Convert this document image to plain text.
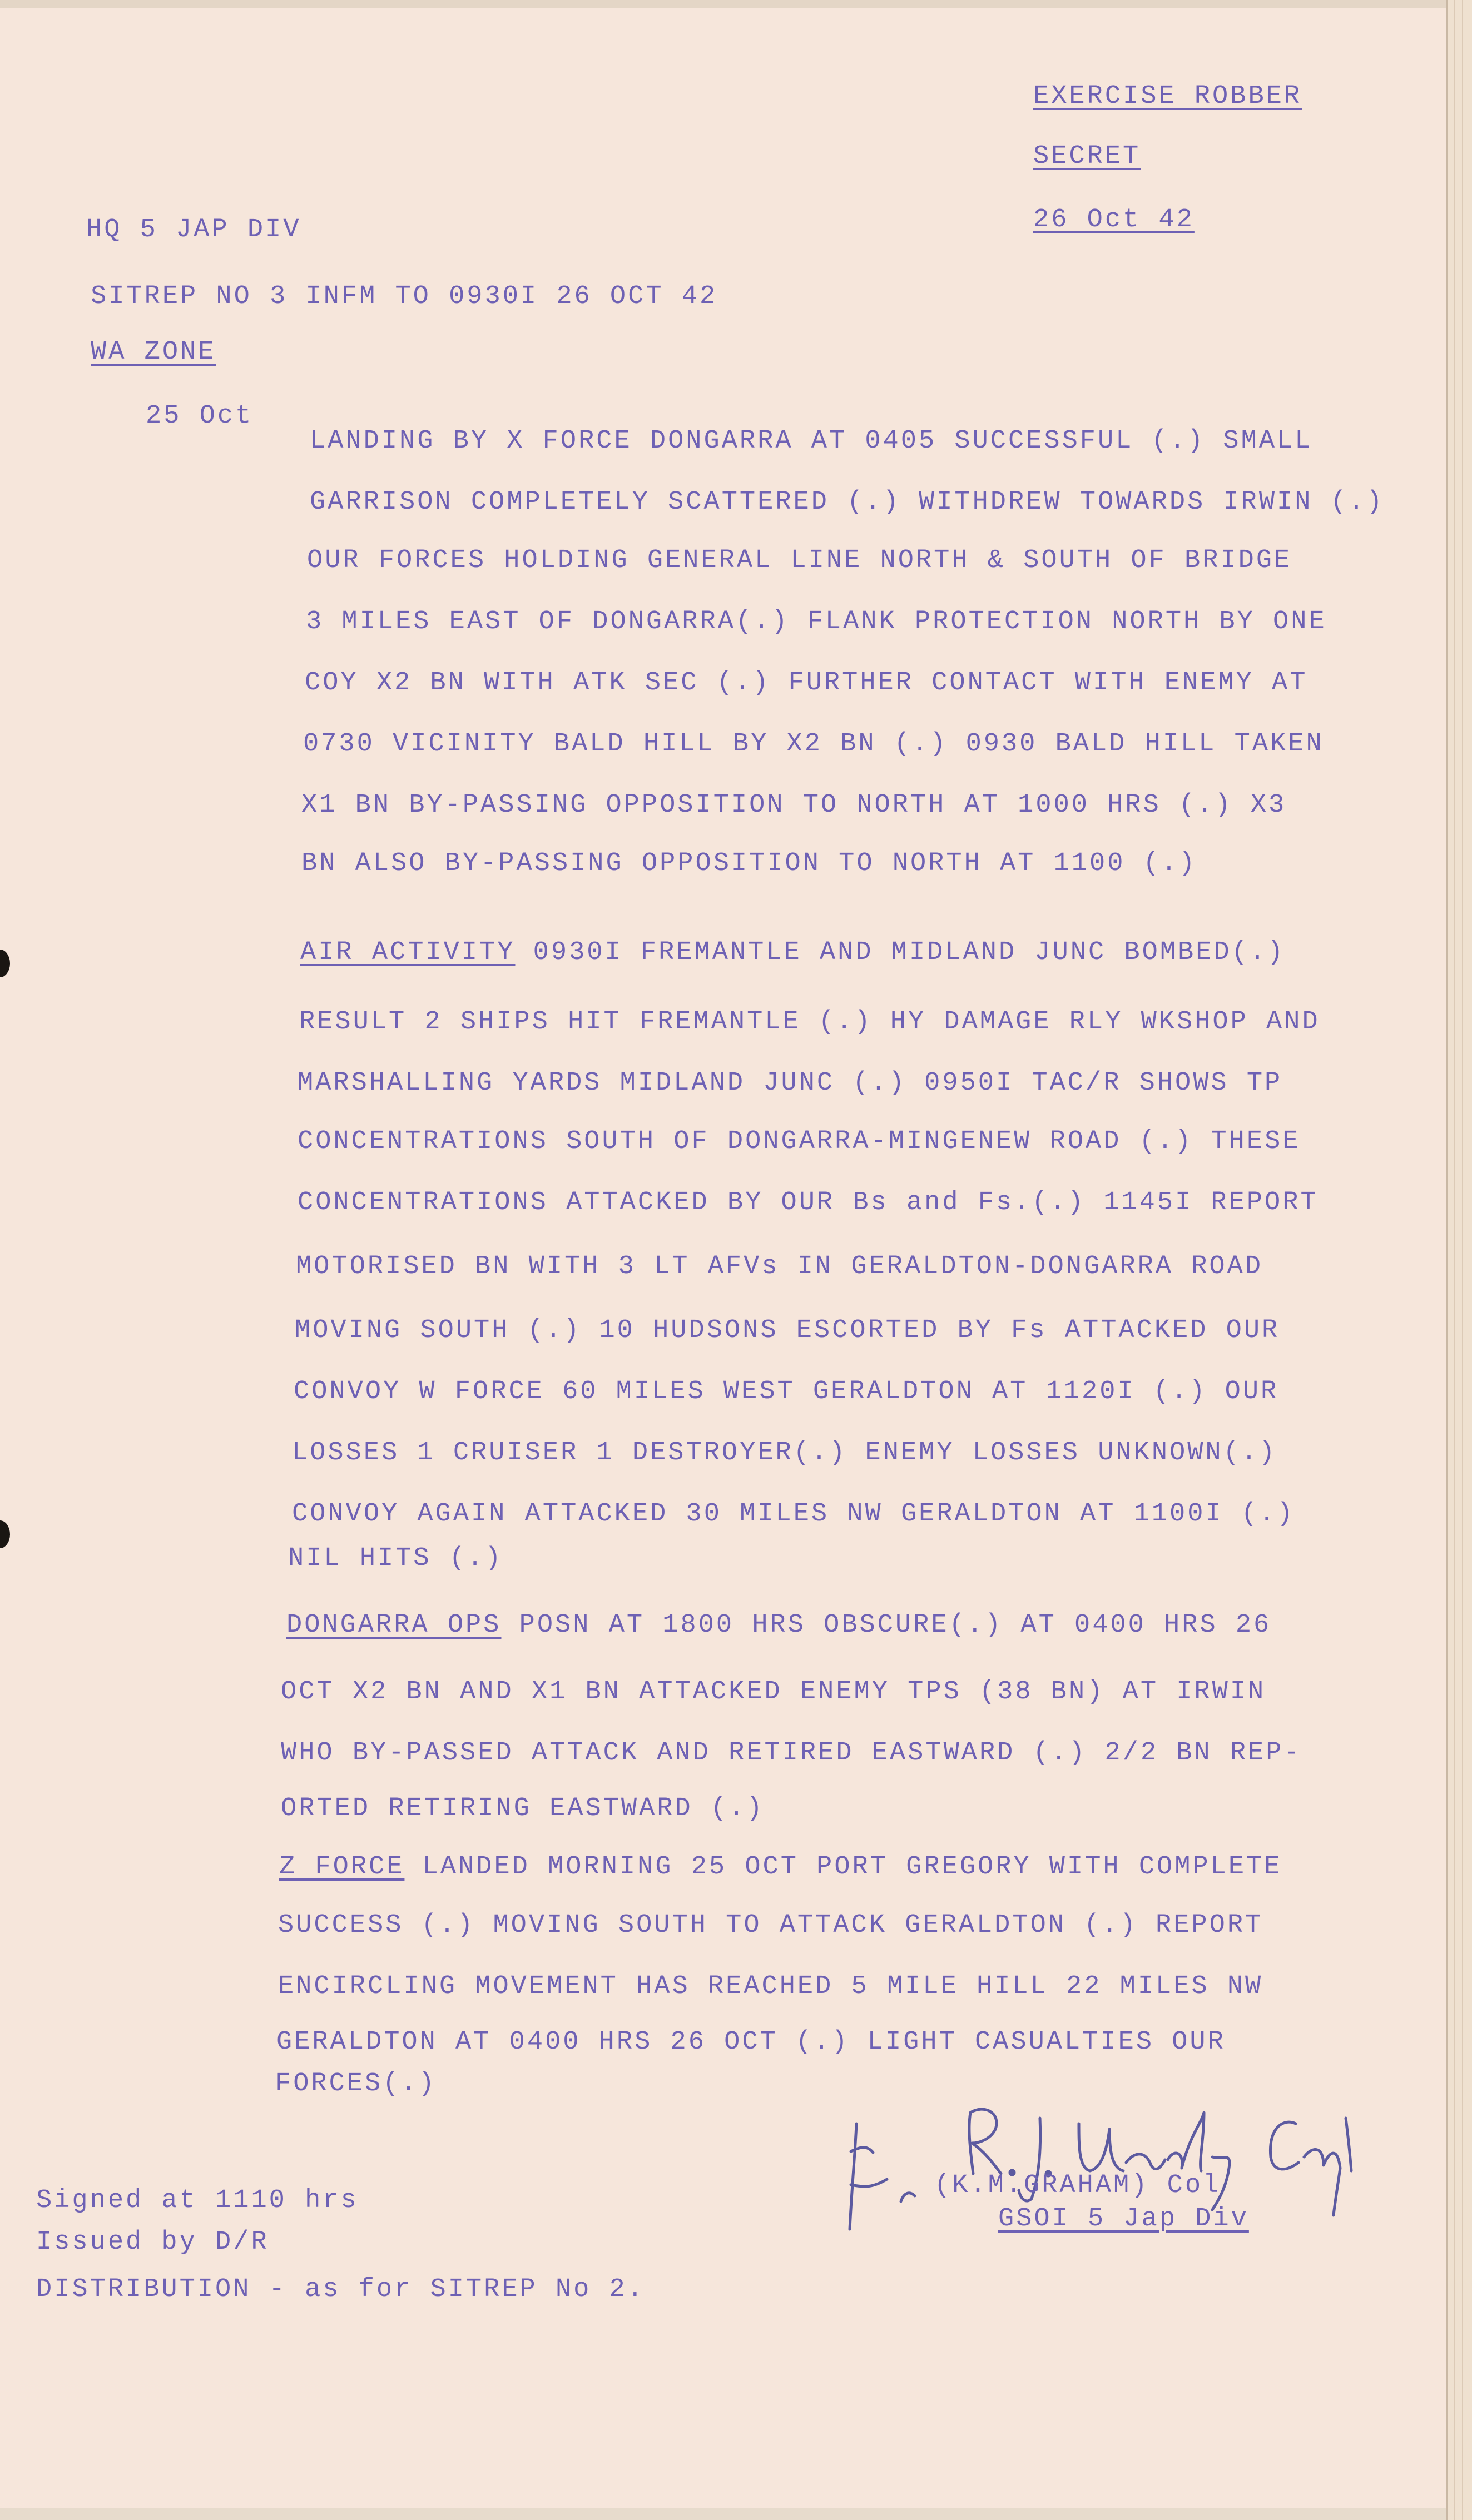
EXERCISE ROBBER
SECRET
26 Oct 42
HQ 5 JAP DIV
SITREP NO 3 INFM TO 0930I 26 OCT 42
WA ZONE
25 Oct
LANDING BY X FORCE DONGARRA AT 0405 SUCCESSFUL (.) SMALL
GARRISON COMPLETELY SCATTERED (.) WITHDREW TOWARDS IRWIN (.)
OUR FORCES HOLDING GENERAL LINE NORTH & SOUTH OF BRIDGE
3 MILES EAST OF DONGARRA(.) FLANK PROTECTION NORTH BY ONE
COY X2 BN WITH ATK SEC (.) FURTHER CONTACT WITH ENEMY AT
0730 VICINITY BALD HILL BY X2 BN (.) 0930 BALD HILL TAKEN
X1 BN BY-PASSING OPPOSITION TO NORTH AT 1000 HRS (.) X3
BN ALSO BY-PASSING OPPOSITION TO NORTH AT 1100 (.)
AIR ACTIVITY 0930I FREMANTLE AND MIDLAND JUNC BOMBED(.)
RESULT 2 SHIPS HIT FREMANTLE (.) HY DAMAGE RLY WKSHOP AND
MARSHALLING YARDS MIDLAND JUNC (.) 0950I TAC/R SHOWS TP
CONCENTRATIONS SOUTH OF DONGARRA-MINGENEW ROAD (.) THESE
CONCENTRATIONS ATTACKED BY OUR Bs and Fs.(.) 1145I REPORT
MOTORISED BN WITH 3 LT AFVs IN GERALDTON-DONGARRA ROAD
MOVING SOUTH (.) 10 HUDSONS ESCORTED BY Fs ATTACKED OUR
CONVOY W FORCE 60 MILES WEST GERALDTON AT 1120I (.) OUR
LOSSES 1 CRUISER 1 DESTROYER(.) ENEMY LOSSES UNKNOWN(.)
CONVOY AGAIN ATTACKED 30 MILES NW GERALDTON AT 1100I (.)
NIL HITS (.)
DONGARRA OPS POSN AT 1800 HRS OBSCURE(.) AT 0400 HRS 26
OCT X2 BN AND X1 BN ATTACKED ENEMY TPS (38 BN) AT IRWIN
WHO BY-PASSED ATTACK AND RETIRED EASTWARD (.) 2/2 BN REP-
ORTED RETIRING EASTWARD (.)
Z FORCE LANDED MORNING 25 OCT PORT GREGORY WITH COMPLETE
SUCCESS (.) MOVING SOUTH TO ATTACK GERALDTON (.) REPORT
ENCIRCLING MOVEMENT HAS REACHED 5 MILE HILL 22 MILES NW
GERALDTON AT 0400 HRS 26 OCT (.) LIGHT CASUALTIES OUR
FORCES(.)
(K.M.GRAHAM) Col
GSOI 5 Jap Div
Signed at 1110 hrs
Issued by D/R
DISTRIBUTION - as for SITREP No 2.
